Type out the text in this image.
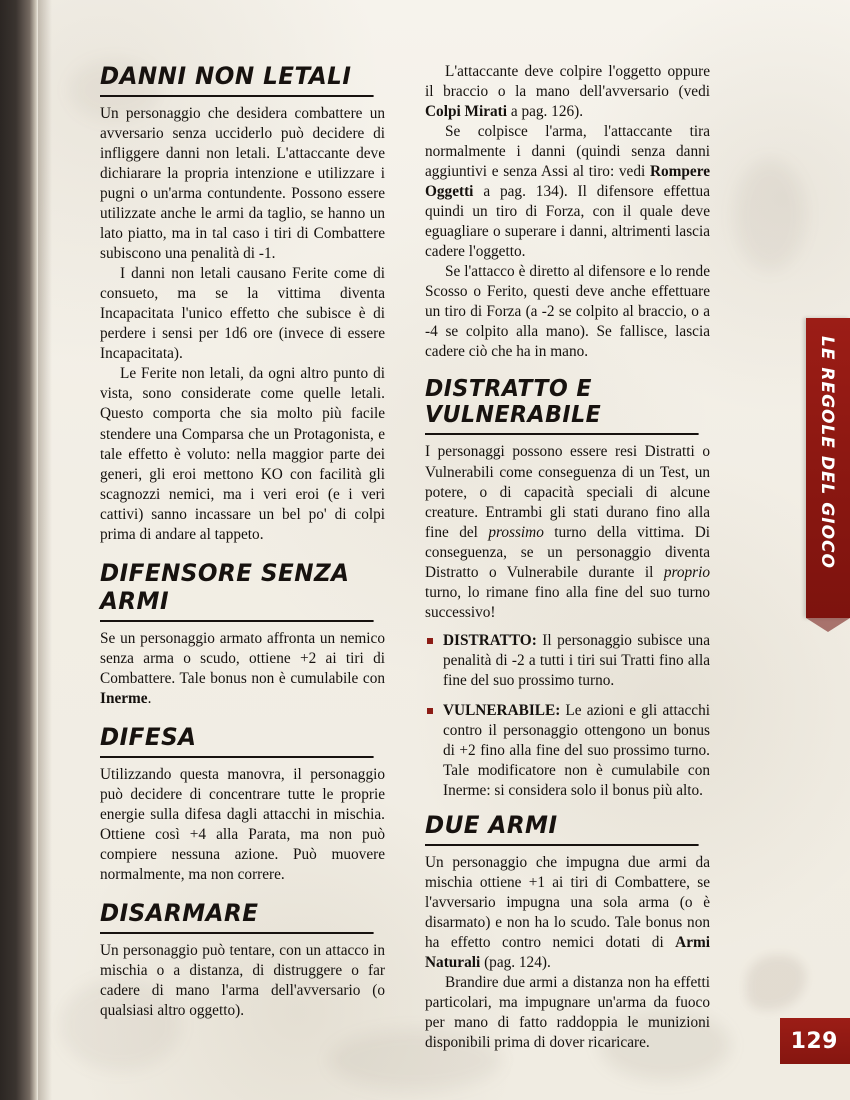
DANNI NON LETALI

Un personaggio che desidera combattere un avversario senza ucciderlo può decidere di infliggere danni non letali. L'attaccante deve dichiarare la propria intenzione e utilizzare i pugni o un'arma contundente. Possono essere utilizzate anche le armi da taglio, se hanno un lato piatto, ma in tal caso i tiri di Combattere subiscono una penalità di -1.

I danni non letali causano Ferite come di consueto, ma se la vittima diventa Incapacitata l'unico effetto che subisce è di perdere i sensi per 1d6 ore (invece di essere Incapacitata).

Le Ferite non letali, da ogni altro punto di vista, sono considerate come quelle letali. Questo comporta che sia molto più facile stendere una Comparsa che un Protagonista, e tale effetto è voluto: nella maggior parte dei generi, gli eroi mettono KO con facilità gli scagnozzi nemici, ma i veri eroi (e i veri cattivi) sanno incassare un bel po' di colpi prima di andare al tappeto.

DIFENSORE SENZA ARMI

Se un personaggio armato affronta un nemico senza arma o scudo, ottiene +2 ai tiri di Combattere. Tale bonus non è cumulabile con Inerme.

DIFESA

Utilizzando questa manovra, il personaggio può decidere di concentrare tutte le proprie energie sulla difesa dagli attacchi in mischia. Ottiene così +4 alla Parata, ma non può compiere nessuna azione. Può muovere normalmente, ma non correre.

DISARMARE

Un personaggio può tentare, con un attacco in mischia o a distanza, di distruggere o far cadere di mano l'arma dell'avversario (o qualsiasi altro oggetto).

L'attaccante deve colpire l'oggetto oppure il braccio o la mano dell'avversario (vedi Colpi Mirati a pag. 126).

Se colpisce l'arma, l'attaccante tira normalmente i danni (quindi senza danni aggiuntivi e senza Assi al tiro: vedi Rompere Oggetti a pag. 134). Il difensore effettua quindi un tiro di Forza, con il quale deve eguagliare o superare i danni, altrimenti lascia cadere l'oggetto.

Se l'attacco è diretto al difensore e lo rende Scosso o Ferito, questi deve anche effettuare un tiro di Forza (a -2 se colpito al braccio, o a -4 se colpito alla mano). Se fallisce, lascia cadere ciò che ha in mano.

DISTRATTO E VULNERABILE

I personaggi possono essere resi Distratti o Vulnerabili come conseguenza di un Test, un potere, o di capacità speciali di alcune creature. Entrambi gli stati durano fino alla fine del prossimo turno della vittima. Di conseguenza, se un personaggio diventa Distratto o Vulnerabile durante il proprio turno, lo rimane fino alla fine del suo turno successivo!

DISTRATTO: Il personaggio subisce una penalità di -2 a tutti i tiri sui Tratti fino alla fine del suo prossimo turno.
VULNERABILE: Le azioni e gli attacchi contro il personaggio ottengono un bonus di +2 fino alla fine del suo prossimo turno. Tale modificatore non è cumulabile con Inerme: si considera solo il bonus più alto.
DUE ARMI

Un personaggio che impugna due armi da mischia ottiene +1 ai tiri di Combattere, se l'avversario impugna una sola arma (o è disarmato) e non ha lo scudo. Tale bonus non ha effetto contro nemici dotati di Armi Naturali (pag. 124).

Brandire due armi a distanza non ha effetti particolari, ma impugnare un'arma da fuoco per mano di fatto raddoppia le munizioni disponibili prima di dover ricaricare.

LE REGOLE DEL GIOCO
129
